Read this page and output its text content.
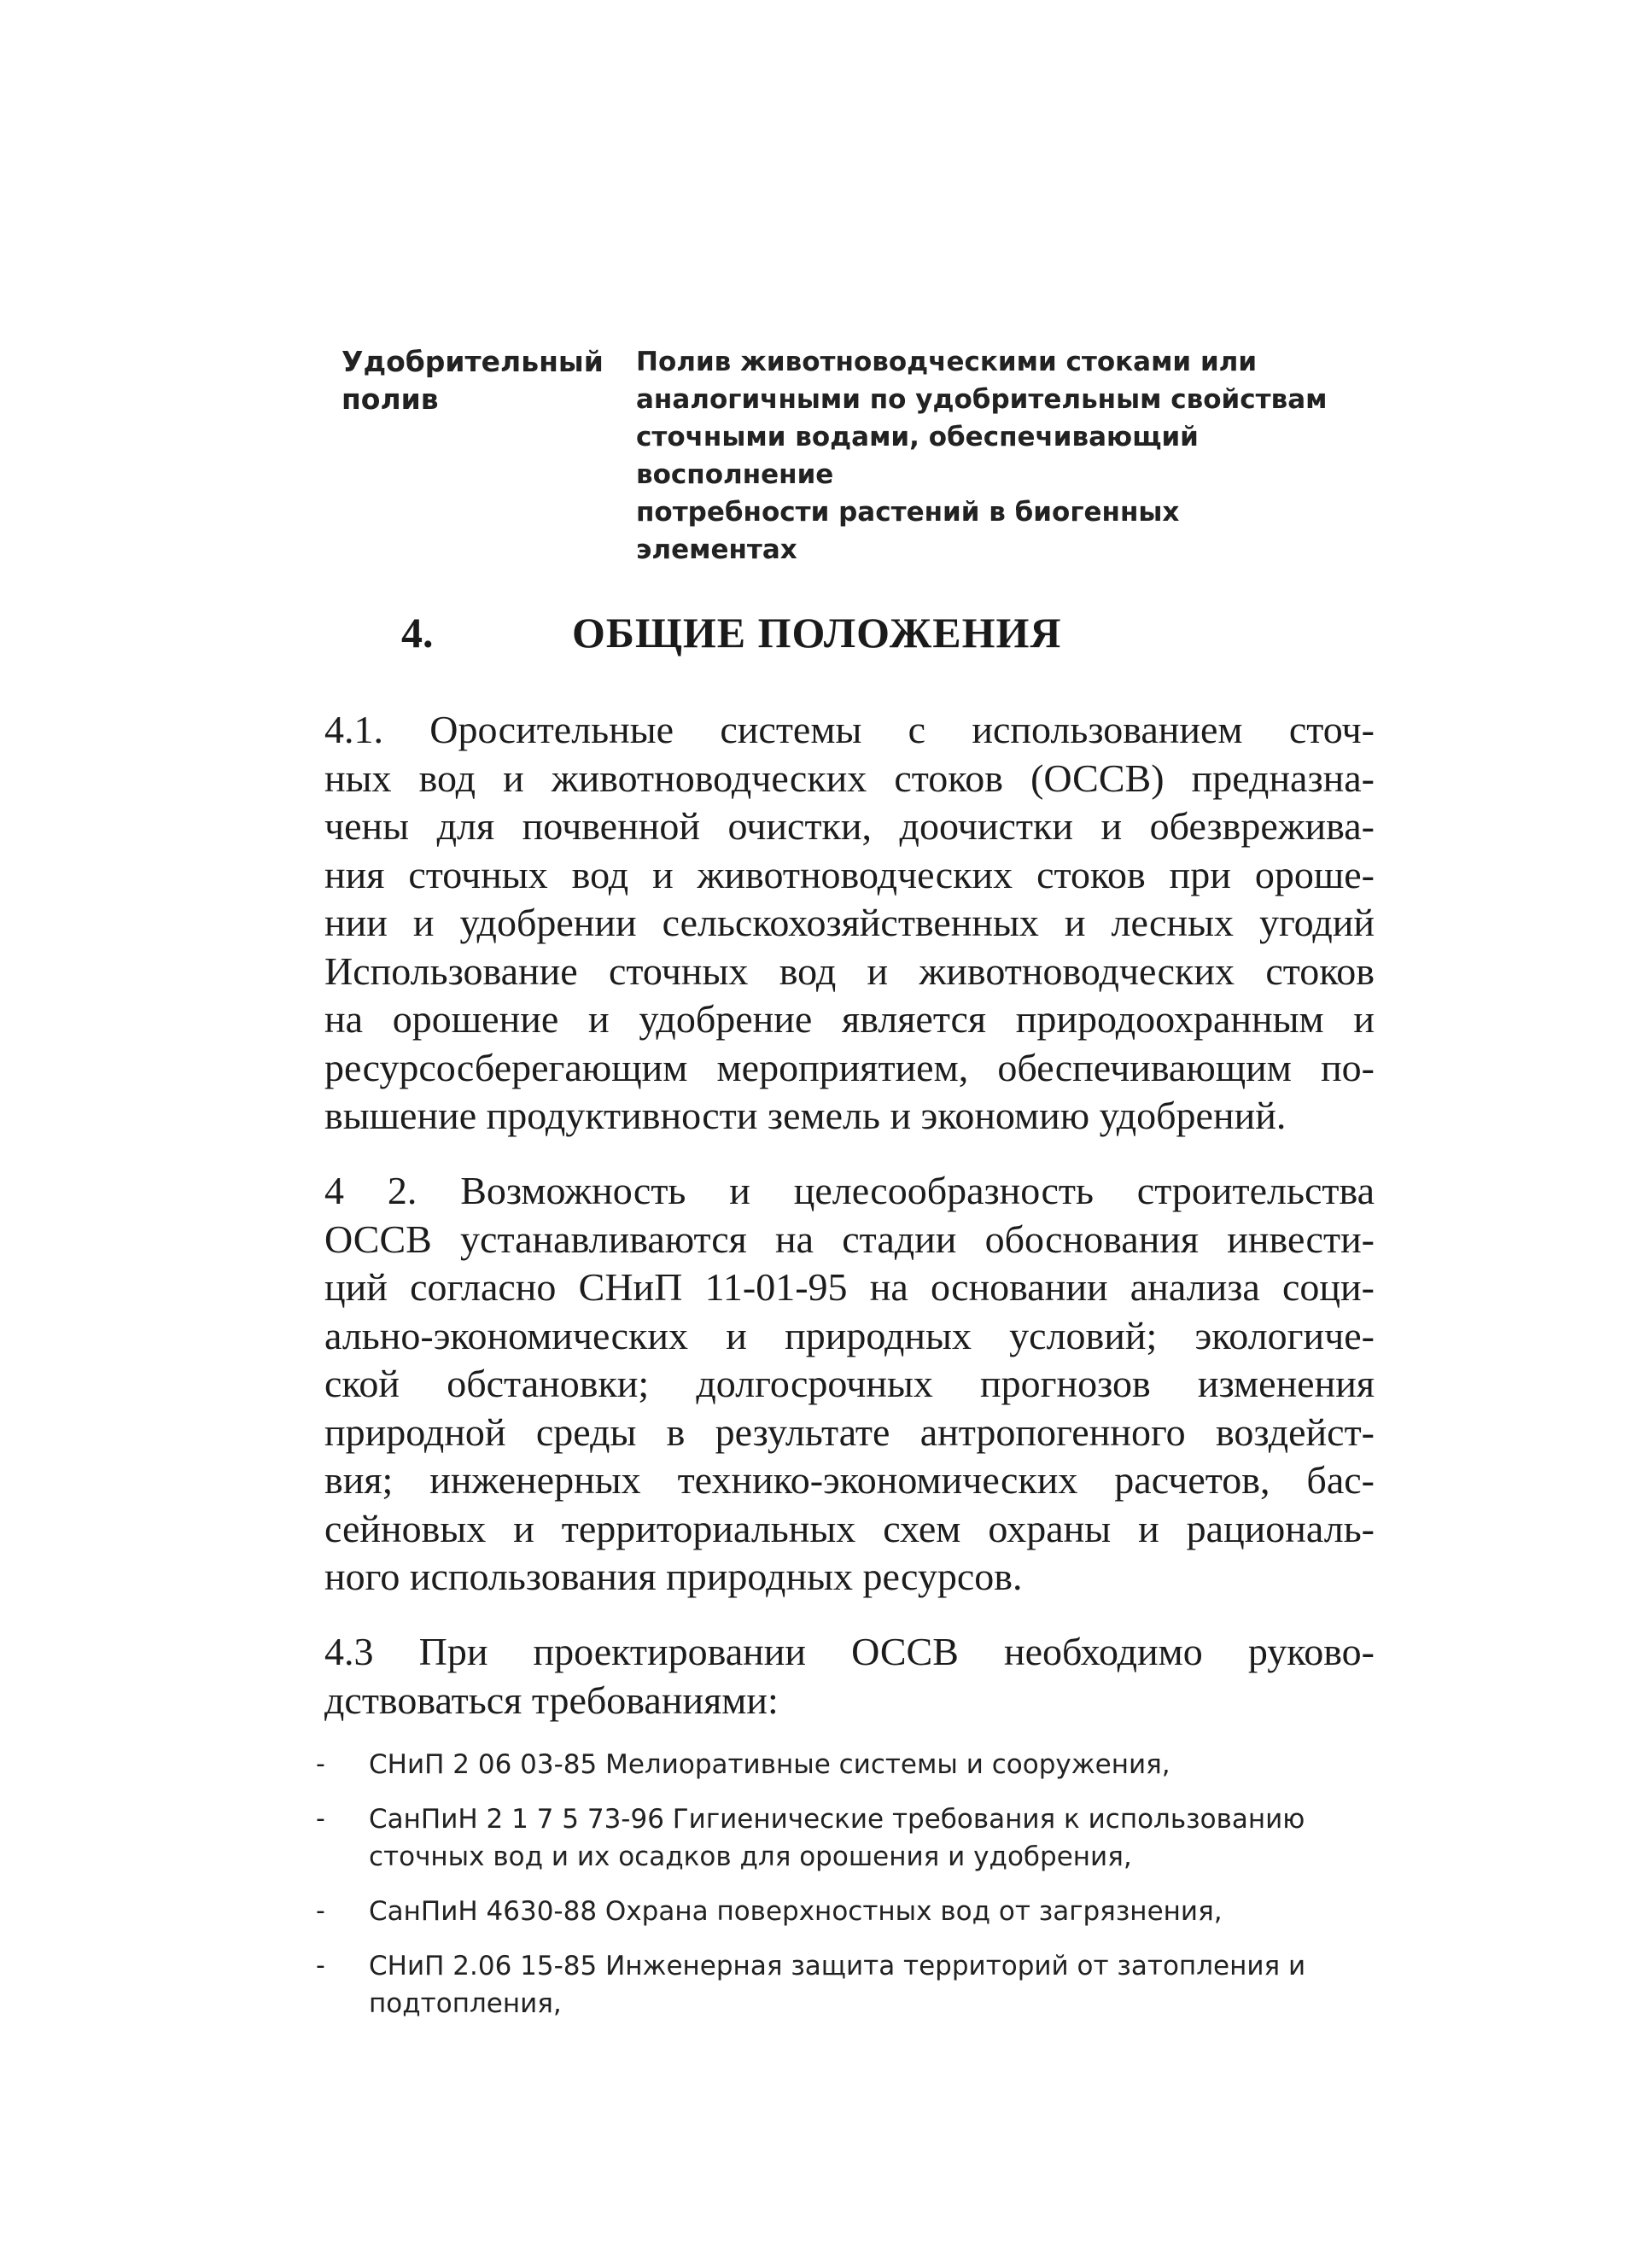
Удобрительный
полив
Полив животноводческими стоками или
аналогичными по удобрительным свойствам
сточными водами, обеспечивающий восполнение
потребности растений в биогенных элементах
4.	ОБЩИЕ ПОЛОЖЕНИЯ
4.1. Оросительные системы с использованием сточ-
ных вод и животноводческих стоков (ОССВ) предназна-
чены для почвенной очистки, доочистки и обезврежива-
ния сточных вод и животноводческих стоков при ороше-
нии и удобрении сельскохозяйственных и лесных угодий
Использование сточных вод и животноводческих стоков
на орошение и удобрение является природоохранным и
ресурсосберегающим мероприятием, обеспечивающим по-
вышение продуктивности земель и экономию удобрений.
4 2. Возможность и целесообразность строительства
ОССВ устанавливаются на стадии обоснования инвести-
ций согласно СНиП 11-01-95 на основании анализа соци-
ально-экономических и природных условий; экологиче-
ской обстановки; долгосрочных прогнозов изменения
природной среды в результате антропогенного воздейст-
вия; инженерных технико-экономических расчетов, бас-
сейновых и территориальных схем охраны и рациональ-
ного использования природных ресурсов.
4.3 При проектировании ОССВ необходимо руково-
дствоваться требованиями:
- СНиП 2 06 03-85 Мелиоративные системы и сооружения,
- СанПиН 2 1 7 5 73-96 Гигиенические требования к использованию
сточных вод и их осадков для орошения и удобрения,
- СанПиН 4630-88 Охрана поверхностных вод от загрязнения,
- СНиП 2.06 15-85 Инженерная защита территорий от затопления и
подтопления,
